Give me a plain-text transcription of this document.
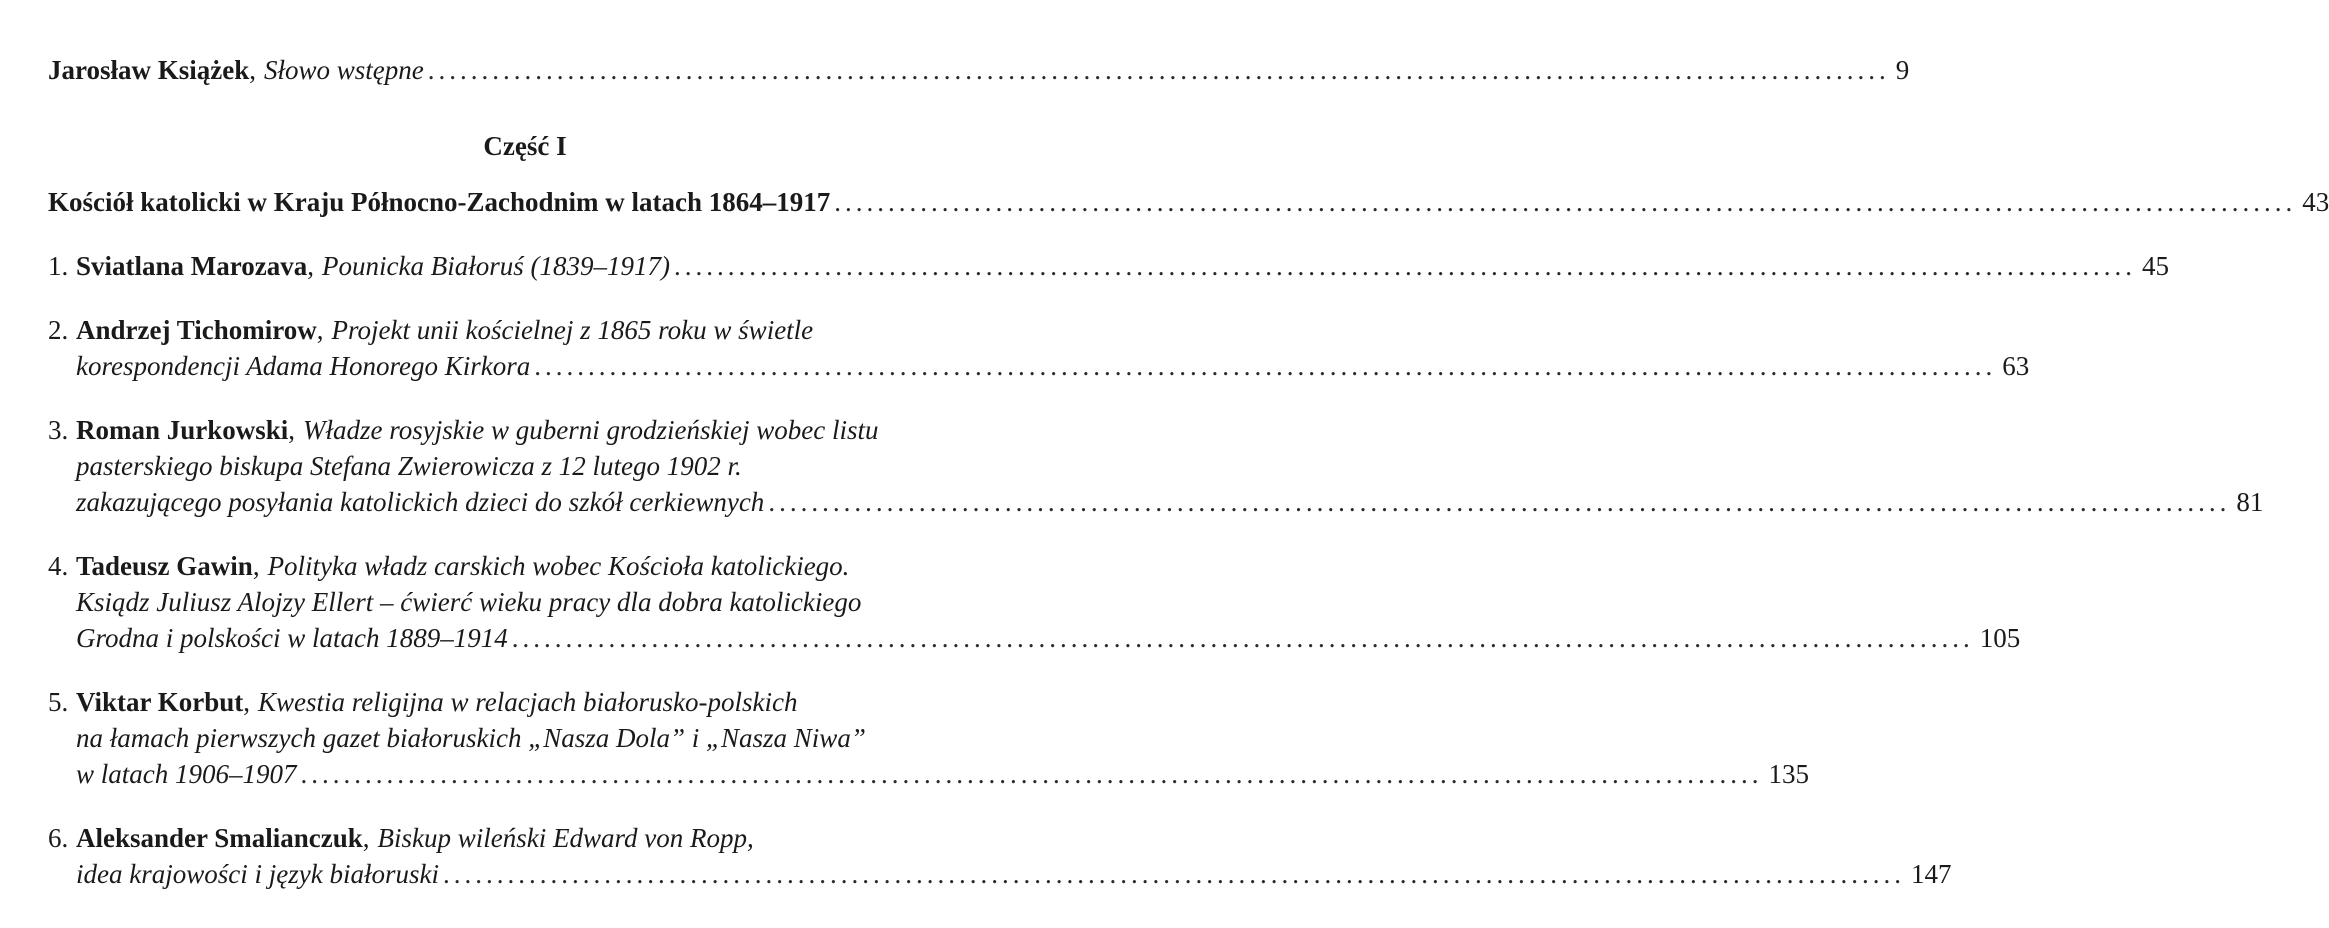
Jarosław Książek , Słowo wstępne ........................................................................................................................................ 9
Część I
Kościół katolicki w Kraju Północno-Zachodnim w latach 1864–1917 ........................................................................................................................................ 43
1. Sviatlana Marozava , Pounicka Białoruś (1839–1917) ........................................................................................................................................ 45
2. Andrzej Tichomirow , Projekt unii kościelnej z 1865 roku w świetle
korespondencji Adama Honorego Kirkora ........................................................................................................................................ 63
3. Roman Jurkowski , Władze rosyjskie w guberni grodzieńskiej wobec listu
pasterskiego biskupa Stefana Zwierowicza z 12 lutego 1902 r.
zakazującego posyłania katolickich dzieci do szkół cerkiewnych ........................................................................................................................................ 81
4. Tadeusz Gawin , Polityka władz carskich wobec Kościoła katolickiego.
Ksiądz Juliusz Alojzy Ellert – ćwierć wieku pracy dla dobra katolickiego
Grodna i polskości w latach 1889–1914 ........................................................................................................................................ 105
5. Viktar Korbut , Kwestia religijna w relacjach białorusko-polskich
na łamach pierwszych gazet białoruskich „Nasza Dola” i „Nasza Niwa”
w latach 1906–1907 ........................................................................................................................................ 135
6. Aleksander Smalianczuk , Biskup wileński Edward von Ropp,
idea krajowości i język białoruski ........................................................................................................................................ 147
